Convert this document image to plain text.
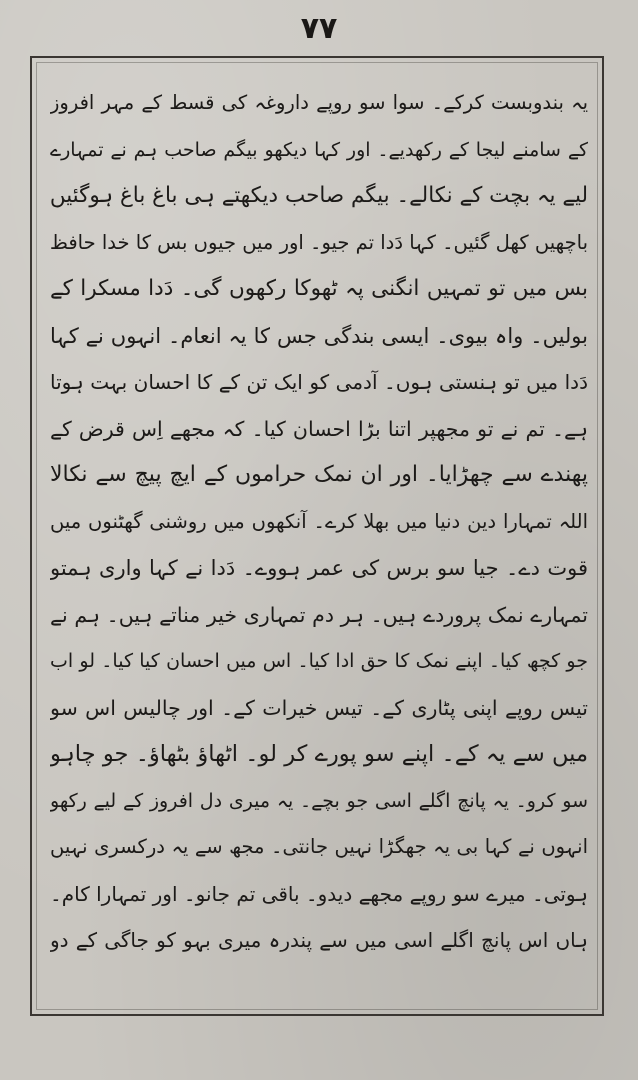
۷۷
یہ بندوبست کرکے۔ سوا سو روپے داروغہ کی قسط کے مہر افروز
کے سامنے لیجا کے رکھدیے۔ اور کہا دیکھو بیگم صاحب ہم نے تمہارے
لیے یہ بچت کے نکالے۔ بیگم صاحب دیکھتے ہی باغ باغ ہوگئیں
باچھیں کھل گئیں۔ کہا دَدا تم جیو۔ اور میں جیوں بس کا خدا حافظ
بس میں تو تمہیں انگنی پہ ٹھوکا رکھوں گی۔ دَدا مسکرا کے
بولیں۔ واہ بیوی۔ ایسی بندگی جس کا یہ انعام۔ انہوں نے کہا
دَدا میں تو ہنستی ہوں۔ آدمی کو ایک تن کے کا احسان بہت ہوتا
ہے۔ تم نے تو مجھپر اتنا بڑا احسان کیا۔ کہ مجھے اِس قرض کے
پھندے سے چھڑایا۔ اور ان نمک حراموں کے ایچ پیچ سے نکالا
اللہ تمہارا دین دنیا میں بھلا کرے۔ آنکھوں میں روشنی گھٹنوں میں
قوت دے۔ جیا سو برس کی عمر ہووے۔ دَدا نے کہا واری ہمتو
تمہارے نمک پروردے ہیں۔ ہر دم تمہاری خیر مناتے ہیں۔ ہم نے
جو کچھ کیا۔ اپنے نمک کا حق ادا کیا۔ اس میں احسان کیا کیا۔ لو اب
تیس روپے اپنی پٹاری کے۔ تیس خیرات کے۔ اور چالیس اس سو
میں سے یہ کے۔ اپنے سو پورے کر لو۔ اٹھاؤ بٹھاؤ۔ جو چاہو
سو کرو۔ یہ پانچ اگلے اسی جو بچے۔ یہ میری دل افروز کے لیے رکھو
انہوں نے کہا بی یہ جھگڑا نہیں جانتی۔ مجھ سے یہ درکسری نہیں
ہوتی۔ میرے سو روپے مجھے دیدو۔ باقی تم جانو۔ اور تمہارا کام۔
ہاں اس پانچ اگلے اسی میں سے پندرہ میری بہو کو جاگی کے دو
